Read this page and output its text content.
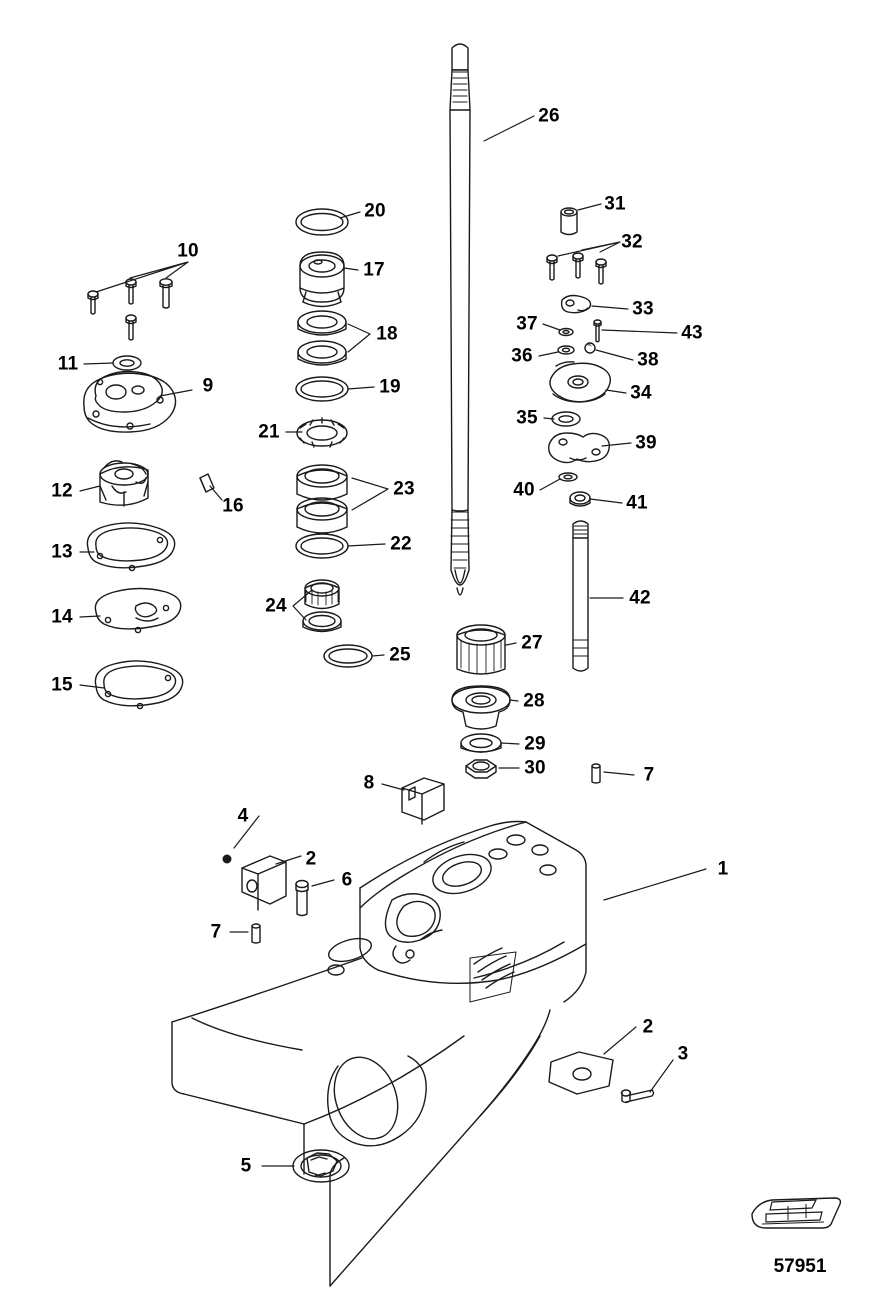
1
2
2
3
4
5
6
7
7
8
9
10
11
12
13
14
15
16
17
18
19
20
21
22
23
24
25
26
27
28
29
30
31
32
33
34
35
36
37
38
39
40
41
42
43
57951
